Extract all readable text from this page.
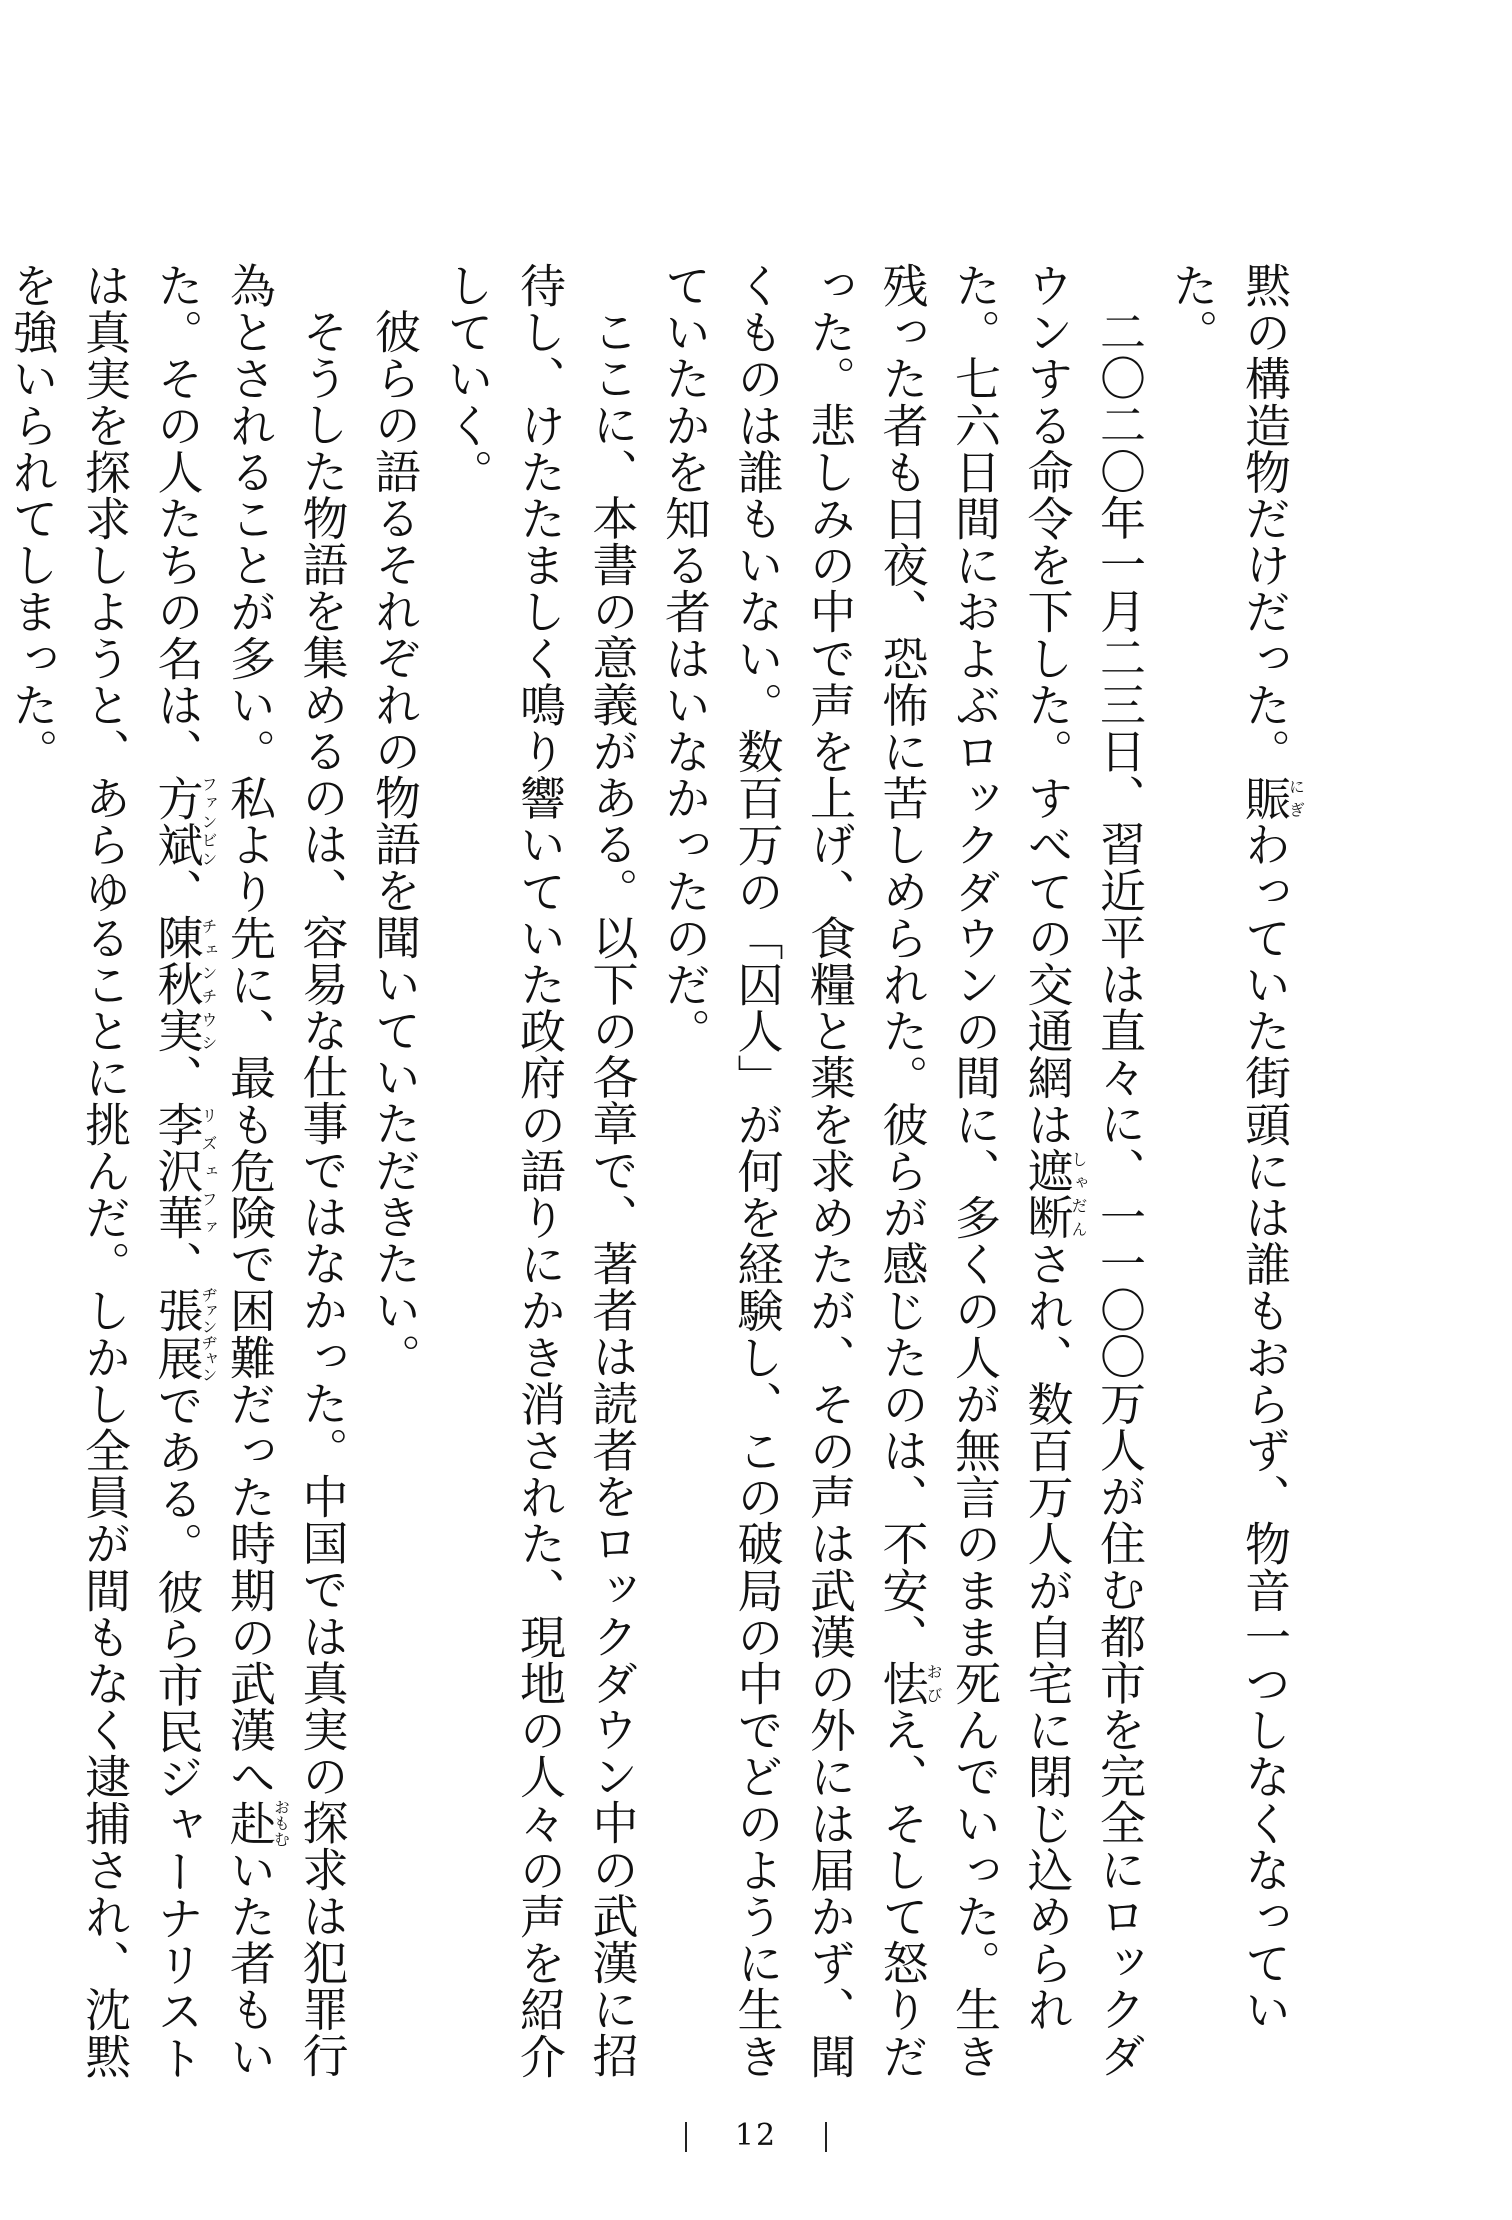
黙の構造物だけだった。賑にぎわっていた街頭には誰もおらず、物音一つしなくなっていた。

二〇二〇年一月二三日、習近平は直々に、一一〇〇万人が住む都市を完全にロックダウンする命令を下した。すべての交通網は遮断しゃだんされ、数百万人が自宅に閉じ込められた。七六日間におよぶロックダウンの間に、多くの人が無言のまま死んでいった。生き残った者も日夜、恐怖に苦しめられた。彼らが感じたのは、不安、怯おびえ、そして怒りだった。悲しみの中で声を上げ、食糧と薬を求めたが、その声は武漢の外には届かず、聞くものは誰もいない。数百万の「囚人」が何を経験し、この破局の中でどのように生きていたかを知る者はいなかったのだ。

ここに、本書の意義がある。以下の各章で、著者は読者をロックダウン中の武漢に招待し、けたたましく鳴り響いていた政府の語りにかき消された、現地の人々の声を紹介していく。

彼らの語るそれぞれの物語を聞いていただきたい。

そうした物語を集めるのは、容易な仕事ではなかった。中国では真実の探求は犯罪行為とされることが多い。私より先に、最も危険で困難だった時期の武漢へ赴おもむいた者もいた。その人たちの名は、方斌ファンビン、陳秋実チェンチウシ、李沢華リズェファ、張展ヂァンヂャンである。彼ら市民ジャーナリストは真実を探求しようと、あらゆることに挑んだ。しかし全員が間もなく逮捕され、沈黙を強いられてしまった。

12
